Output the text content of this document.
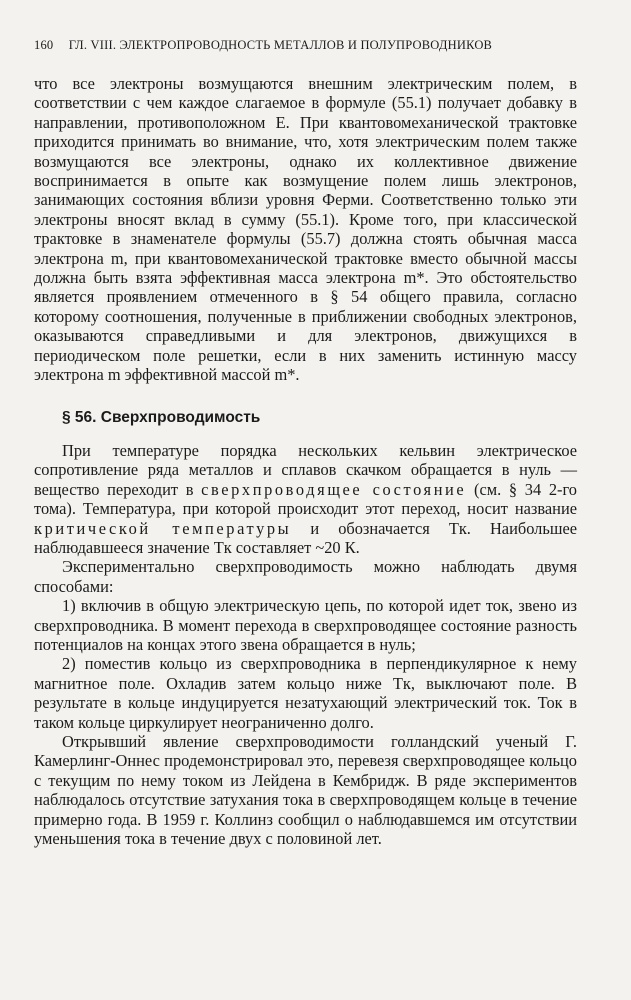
160 ГЛ. VIII. ЭЛЕКТРОПРОВОДНОСТЬ МЕТАЛЛОВ И ПОЛУПРОВОДНИКОВ

что все электроны возмущаются внешним электрическим полем, в соответствии с чем каждое слагаемое в формуле (55.1) получает добавку в направлении, противоположном E. При квантовомеханической трактовке приходится принимать во внимание, что, хотя электрическим полем также возмущаются все электроны, однако их коллективное движение воспринимается в опыте как возмущение полем лишь электронов, занимающих состояния вблизи уровня Ферми. Соответственно только эти электроны вносят вклад в сумму (55.1). Кроме того, при классической трактовке в знаменателе формулы (55.7) должна стоять обычная масса электрона m, при квантовомеханической трактовке вместо обычной массы должна быть взята эффективная масса электрона m*. Это обстоятельство является проявлением отмеченного в § 54 общего правила, согласно которому соотношения, полученные в приближении свободных электронов, оказываются справедливыми и для электронов, движущихся в периодическом поле решетки, если в них заменить истинную массу электрона m эффективной массой m*.

§ 56. Сверхпроводимость

При температуре порядка нескольких кельвин электрическое сопротивление ряда металлов и сплавов скачком обращается в нуль — вещество переходит в сверхпроводящее состояние (см. § 34 2-го тома). Температура, при которой происходит этот переход, носит название критической температуры и обозначается Tк. Наибольшее наблюдавшееся значение Tк составляет ~20 К.

Экспериментально сверхпроводимость можно наблюдать двумя способами:

1) включив в общую электрическую цепь, по которой идет ток, звено из сверхпроводника. В момент перехода в сверхпроводящее состояние разность потенциалов на концах этого звена обращается в нуль;

2) поместив кольцо из сверхпроводника в перпендикулярное к нему магнитное поле. Охладив затем кольцо ниже Tк, выключают поле. В результате в кольце индуцируется незатухающий электрический ток. Ток в таком кольце циркулирует неограниченно долго.

Открывший явление сверхпроводимости голландский ученый Г. Камерлинг-Оннес продемонстрировал это, перевезя сверхпроводящее кольцо с текущим по нему током из Лейдена в Кембридж. В ряде экспериментов наблюдалось отсутствие затухания тока в сверхпроводящем кольце в течение примерно года. В 1959 г. Коллинз сообщил о наблюдавшемся им отсутствии уменьшения тока в течение двух с половиной лет.
